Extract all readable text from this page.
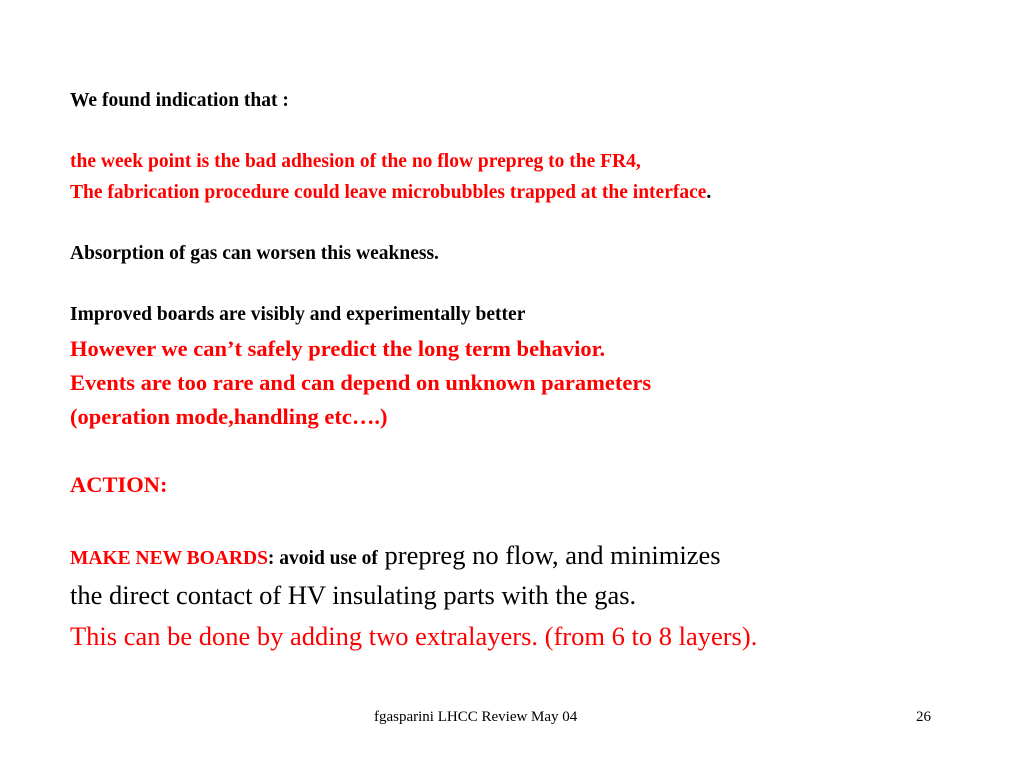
We found indication that :
the week point is the bad adhesion of the no flow prepreg to the FR4,
The fabrication procedure could leave microbubbles trapped at the interface.
Absorption of gas can worsen this weakness.
Improved boards are visibly and experimentally better
However we can’t safely predict the long term behavior.
Events are too rare and can depend on unknown parameters
(operation mode,handling etc….)
ACTION:
MAKE NEW BOARDS: avoid use of prepreg no flow, and minimizes
the direct contact of HV insulating parts with the gas.
This can be done by adding two extralayers. (from 6 to 8 layers).
fgasparini LHCC Review May 04	26
